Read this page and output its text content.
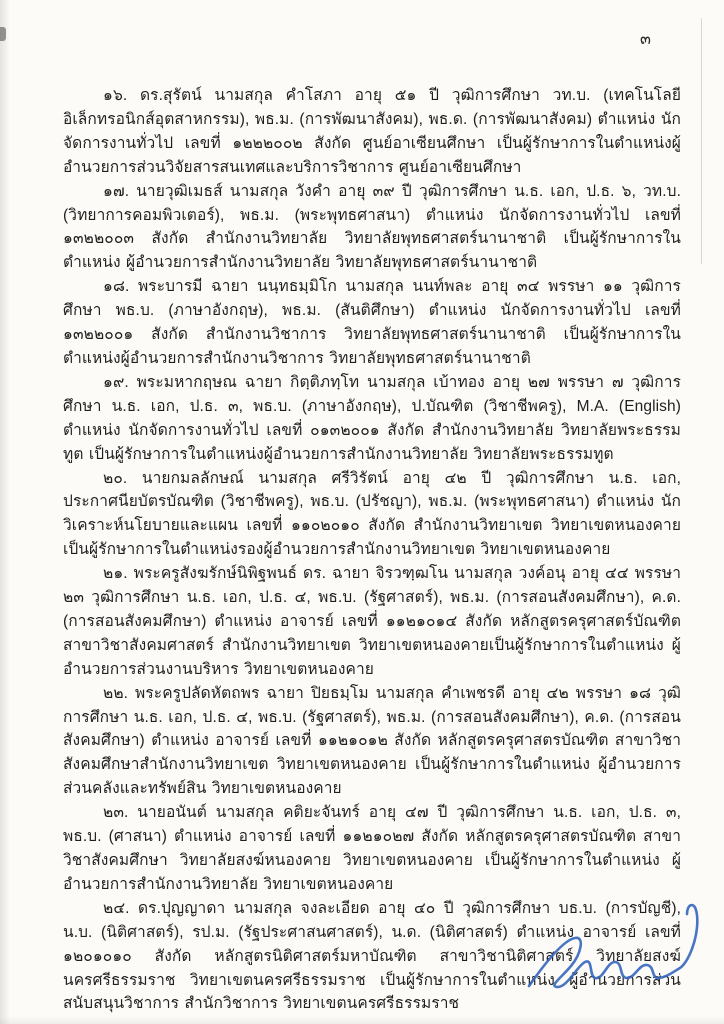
๓

๑๖. ดร.สุรัตน์ นามสกุล คำโสภา อายุ ๕๑ ปี วุฒิการศึกษา วท.บ. (เทคโนโลยีอิเล็กทรอนิกส์อุตสาหกรรม), พธ.ม. (การพัฒนาสังคม), พธ.ด. (การพัฒนาสังคม) ตำแหน่ง นักจัดการงานทั่วไป เลขที่ ๑๒๒๒๐๐๒ สังกัด ศูนย์อาเซียนศึกษา เป็นผู้รักษาการในตำแหน่งผู้อำนวยการส่วนวิจัยสารสนเทศและบริการวิชาการ ศูนย์อาเซียนศึกษา

๑๗. นายวุฒิเมธส์ นามสกุล วังคำ อายุ ๓๙ ปี วุฒิการศึกษา น.ธ. เอก, ป.ธ. ๖, วท.บ. (วิทยาการคอมพิวเตอร์), พธ.ม. (พระพุทธศาสนา) ตำแหน่ง นักจัดการงานทั่วไป เลขที่ ๑๓๒๒๐๐๓ สังกัด สำนักงานวิทยาลัย วิทยาลัยพุทธศาสตร์นานาชาติ เป็นผู้รักษาการในตำแหน่ง ผู้อำนวยการสำนักงานวิทยาลัย วิทยาลัยพุทธศาสตร์นานาชาติ

๑๘. พระบารมี ฉายา นนฺทธมฺมิโก นามสกุล นนท์พละ อายุ ๓๔ พรรษา ๑๑ วุฒิการศึกษา พธ.บ. (ภาษาอังกฤษ), พธ.ม. (สันติศึกษา) ตำแหน่ง นักจัดการงานทั่วไป เลขที่ ๑๓๒๒๐๐๑ สังกัด สำนักงานวิชาการ วิทยาลัยพุทธศาสตร์นานาชาติ เป็นผู้รักษาการในตำแหน่งผู้อำนวยการสำนักงานวิชาการ วิทยาลัยพุทธศาสตร์นานาชาติ

๑๙. พระมหากฤษณ ฉายา กิตฺติภทฺโท นามสกุล เบ้าทอง อายุ ๒๗ พรรษา ๗ วุฒิการศึกษา น.ธ. เอก, ป.ธ. ๓, พธ.บ. (ภาษาอังกฤษ), ป.บัณฑิต (วิชาชีพครู), M.A. (English) ตำแหน่ง นักจัดการงานทั่วไป เลขที่ ๐๑๓๒๐๐๑ สังกัด สำนักงานวิทยาลัย วิทยาลัยพระธรรมทูต เป็นผู้รักษาการในตำแหน่งผู้อำนวยการสำนักงานวิทยาลัย วิทยาลัยพระธรรมทูต

๒๐. นายกมลลักษณ์ นามสกุล ศรีวิรัตน์ อายุ ๔๒ ปี วุฒิการศึกษา น.ธ. เอก, ประกาศนียบัตรบัณฑิต (วิชาชีพครู), พธ.บ. (ปรัชญา), พธ.ม. (พระพุทธศาสนา) ตำแหน่ง นักวิเคราะห์นโยบายและแผน เลขที่ ๑๑๐๒๐๑๐ สังกัด สำนักงานวิทยาเขต วิทยาเขตหนองคาย เป็นผู้รักษาการในตำแหน่งรองผู้อำนวยการสำนักงานวิทยาเขต วิทยาเขตหนองคาย

๒๑. พระครูสังฆรักษ์นิพิฐพนธ์ ดร. ฉายา จิรวฑฺฒโน นามสกุล วงค์อนุ อายุ ๔๔ พรรษา ๒๓ วุฒิการศึกษา น.ธ. เอก, ป.ธ. ๔, พธ.บ. (รัฐศาสตร์), พธ.ม. (การสอนสังคมศึกษา), ค.ด. (การสอนสังคมศึกษา) ตำแหน่ง อาจารย์ เลขที่ ๑๑๒๑๐๑๔ สังกัด หลักสูตรครุศาสตร์บัณฑิต สาขาวิชาสังคมศาสตร์ สำนักงานวิทยาเขต วิทยาเขตหนองคายเป็นผู้รักษาการในตำแหน่ง ผู้อำนวยการส่วนงานบริหาร วิทยาเขตหนองคาย

๒๒. พระครูปลัดหัตถพร ฉายา ปิยธมฺโม นามสกุล คำเพชรดี อายุ ๔๒ พรรษา ๑๘ วุฒิการศึกษา น.ธ. เอก, ป.ธ. ๔, พธ.บ. (รัฐศาสตร์), พธ.ม. (การสอนสังคมศึกษา), ค.ด. (การสอนสังคมศึกษา) ตำแหน่ง อาจารย์ เลขที่ ๑๑๒๑๐๑๒ สังกัด หลักสูตรครุศาสตรบัณฑิต สาขาวิชาสังคมศึกษาสำนักงานวิทยาเขต วิทยาเขตหนองคาย เป็นผู้รักษาการในตำแหน่ง ผู้อำนวยการส่วนคลังและทรัพย์สิน วิทยาเขตหนองคาย

๒๓. นายอนันต์ นามสกุล คติยะจันทร์ อายุ ๔๗ ปี วุฒิการศึกษา น.ธ. เอก, ป.ธ. ๓, พธ.บ. (ศาสนา) ตำแหน่ง อาจารย์ เลขที่ ๑๑๒๑๐๒๗ สังกัด หลักสูตรครุศาสตรบัณฑิต สาขาวิชาสังคมศึกษา วิทยาลัยสงฆ์หนองคาย วิทยาเขตหนองคาย เป็นผู้รักษาการในตำแหน่ง ผู้อำนวยการสำนักงานวิทยาลัย วิทยาเขตหนองคาย

๒๔. ดร.ปุญญาดา นามสกุล จงละเอียด อายุ ๔๐ ปี วุฒิการศึกษา บธ.บ. (การบัญชี), น.บ. (นิติศาสตร์), รป.ม. (รัฐประศาสนศาสตร์), น.ด. (นิติศาสตร์) ตำแหน่ง อาจารย์ เลขที่ ๑๒๐๑๐๑๐ สังกัด หลักสูตรนิติศาสตร์มหาบัณฑิต สาขาวิชานิติศาสตร์ วิทยาลัยสงฆ์นครศรีธรรมราช วิทยาเขตนครศรีธรรมราช เป็นผู้รักษาการในตำแหน่ง ผู้อำนวยการส่วนสนับสนุนวิชาการ สำนักวิชาการ วิทยาเขตนครศรีธรรมราช
